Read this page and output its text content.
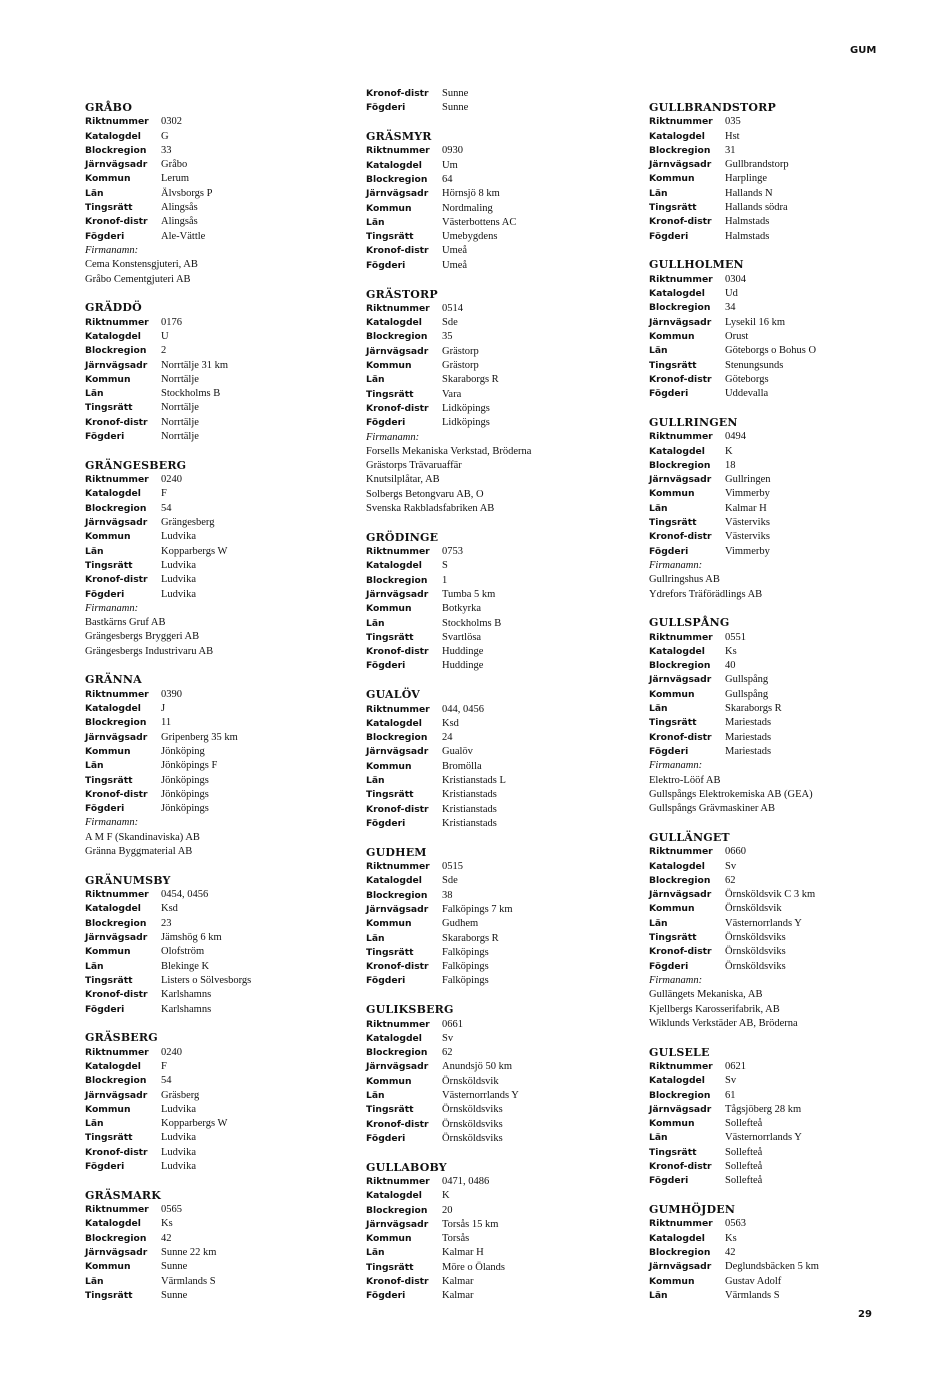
GUM
GRÅBO
Riktnummer	0302
Katalogdel	G
Blockregion	33
Järnvägsadr	Gråbo
Kommun	Lerum
Län	Älvsborgs P
Tingsrätt	Alingsås
Kronof-distr	Alingsås
Fögderi	Ale-Vättle
Firmanamn:
Cema Konstensgjuteri, AB
Gråbo Cementgjuteri AB
GRÄDDÖ
Riktnummer	0176
Katalogdel	U
Blockregion	2
Järnvägsadr	Norrtälje 31 km
Kommun	Norrtälje
Län	Stockholms B
Tingsrätt	Norrtälje
Kronof-distr	Norrtälje
Fögderi	Norrtälje
GRÄNGESBERG
Riktnummer	0240
Katalogdel	F
Blockregion	54
Järnvägsadr	Grängesberg
Kommun	Ludvika
Län	Kopparbergs W
Tingsrätt	Ludvika
Kronof-distr	Ludvika
Fögderi	Ludvika
Firmanamn:
Bastkärns Gruf AB
Grängesbergs Bryggeri AB
Grängesbergs Industrivaru AB
GRÄNNA
Riktnummer	0390
Katalogdel	J
Blockregion	11
Järnvägsadr	Gripenberg 35 km
Kommun	Jönköping
Län	Jönköpings F
Tingsrätt	Jönköpings
Kronof-distr	Jönköpings
Fögderi	Jönköpings
Firmanamn:
A M F (Skandinaviska) AB
Gränna Byggmaterial AB
GRÄNUMSBY
Riktnummer	0454, 0456
Katalogdel	Ksd
Blockregion	23
Järnvägsadr	Jämshög 6 km
Kommun	Olofström
Län	Blekinge K
Tingsrätt	Listers o Sölvesborgs
Kronof-distr	Karlshamns
Fögderi	Karlshamns
GRÄSBERG
Riktnummer	0240
Katalogdel	F
Blockregion	54
Järnvägsadr	Gräsberg
Kommun	Ludvika
Län	Kopparbergs W
Tingsrätt	Ludvika
Kronof-distr	Ludvika
Fögderi	Ludvika
GRÄSMARK
Riktnummer	0565
Katalogdel	Ks
Blockregion	42
Järnvägsadr	Sunne 22 km
Kommun	Sunne
Län	Värmlands S
Tingsrätt	Sunne
Kronof-distr	Sunne
Fögderi	Sunne
GRÄSMYR
Riktnummer	0930
Katalogdel	Um
Blockregion	64
Järnvägsadr	Hörnsjö 8 km
Kommun	Nordmaling
Län	Västerbottens AC
Tingsrätt	Umebygdens
Kronof-distr	Umeå
Fögderi	Umeå
GRÄSTORP
Riktnummer	0514
Katalogdel	Sde
Blockregion	35
Järnvägsadr	Grästorp
Kommun	Grästorp
Län	Skaraborgs R
Tingsrätt	Vara
Kronof-distr	Lidköpings
Fögderi	Lidköpings
Firmanamn:
Forsells Mekaniska Verkstad, Bröderna
Grästorps Trävaruaffär
Knutsilplåtar, AB
Solbergs Betongvaru AB, O
Svenska Rakbladsfabriken AB
GRÖDINGE
Riktnummer	0753
Katalogdel	S
Blockregion	1
Järnvägsadr	Tumba 5 km
Kommun	Botkyrka
Län	Stockholms B
Tingsrätt	Svartlösa
Kronof-distr	Huddinge
Fögderi	Huddinge
GUALÖV
Riktnummer	044, 0456
Katalogdel	Ksd
Blockregion	24
Järnvägsadr	Gualöv
Kommun	Bromölla
Län	Kristianstads L
Tingsrätt	Kristianstads
Kronof-distr	Kristianstads
Fögderi	Kristianstads
GUDHEM
Riktnummer	0515
Katalogdel	Sde
Blockregion	38
Järnvägsadr	Falköpings 7 km
Kommun	Gudhem
Län	Skaraborgs R
Tingsrätt	Falköpings
Kronof-distr	Falköpings
Fögderi	Falköpings
GULIKSBERG
Riktnummer	0661
Katalogdel	Sv
Blockregion	62
Järnvägsadr	Anundsjö 50 km
Kommun	Örnsköldsvik
Län	Västernorrlands Y
Tingsrätt	Örnsköldsviks
Kronof-distr	Örnsköldsviks
Fögderi	Örnsköldsviks
GULLABOBY
Riktnummer	0471, 0486
Katalogdel	K
Blockregion	20
Järnvägsadr	Torsås 15 km
Kommun	Torsås
Län	Kalmar H
Tingsrätt	Möre o Ölands
Kronof-distr	Kalmar
Fögderi	Kalmar
GULLBRANDSTORP
Riktnummer	035
Katalogdel	Hst
Blockregion	31
Järnvägsadr	Gullbrandstorp
Kommun	Harplinge
Län	Hallands N
Tingsrätt	Hallands södra
Kronof-distr	Halmstads
Fögderi	Halmstads
GULLHOLMEN
Riktnummer	0304
Katalogdel	Ud
Blockregion	34
Järnvägsadr	Lysekil 16 km
Kommun	Orust
Län	Göteborgs o Bohus O
Tingsrätt	Stenungsunds
Kronof-distr	Göteborgs
Fögderi	Uddevalla
GULLRINGEN
Riktnummer	0494
Katalogdel	K
Blockregion	18
Järnvägsadr	Gullringen
Kommun	Vimmerby
Län	Kalmar H
Tingsrätt	Västerviks
Kronof-distr	Västerviks
Fögderi	Vimmerby
Firmanamn:
Gullringshus AB
Ydrefors Träförädlings AB
GULLSPÅNG
Riktnummer	0551
Katalogdel	Ks
Blockregion	40
Järnvägsadr	Gullspång
Kommun	Gullspång
Län	Skaraborgs R
Tingsrätt	Mariestads
Kronof-distr	Mariestads
Fögderi	Mariestads
Firmanamn:
Elektro-Lööf AB
Gullspångs Elektrokemiska AB (GEA)
Gullspångs Grävmaskiner AB
GULLÄNGET
Riktnummer	0660
Katalogdel	Sv
Blockregion	62
Järnvägsadr	Örnsköldsvik C 3 km
Kommun	Örnsköldsvik
Län	Västernorrlands Y
Tingsrätt	Örnsköldsviks
Kronof-distr	Örnsköldsviks
Fögderi	Örnsköldsviks
Firmanamn:
Gullängets Mekaniska, AB
Kjellbergs Karosserifabrik, AB
Wiklunds Verkstäder AB, Bröderna
GULSELE
Riktnummer	0621
Katalogdel	Sv
Blockregion	61
Järnvägsadr	Tågsjöberg 28 km
Kommun	Sollefteå
Län	Västernorrlands Y
Tingsrätt	Sollefteå
Kronof-distr	Sollefteå
Fögderi	Sollefteå
GUMHÖJDEN
Riktnummer	0563
Katalogdel	Ks
Blockregion	42
Järnvägsadr	Deglundsbäcken 5 km
Kommun	Gustav Adolf
Län	Värmlands S
29
